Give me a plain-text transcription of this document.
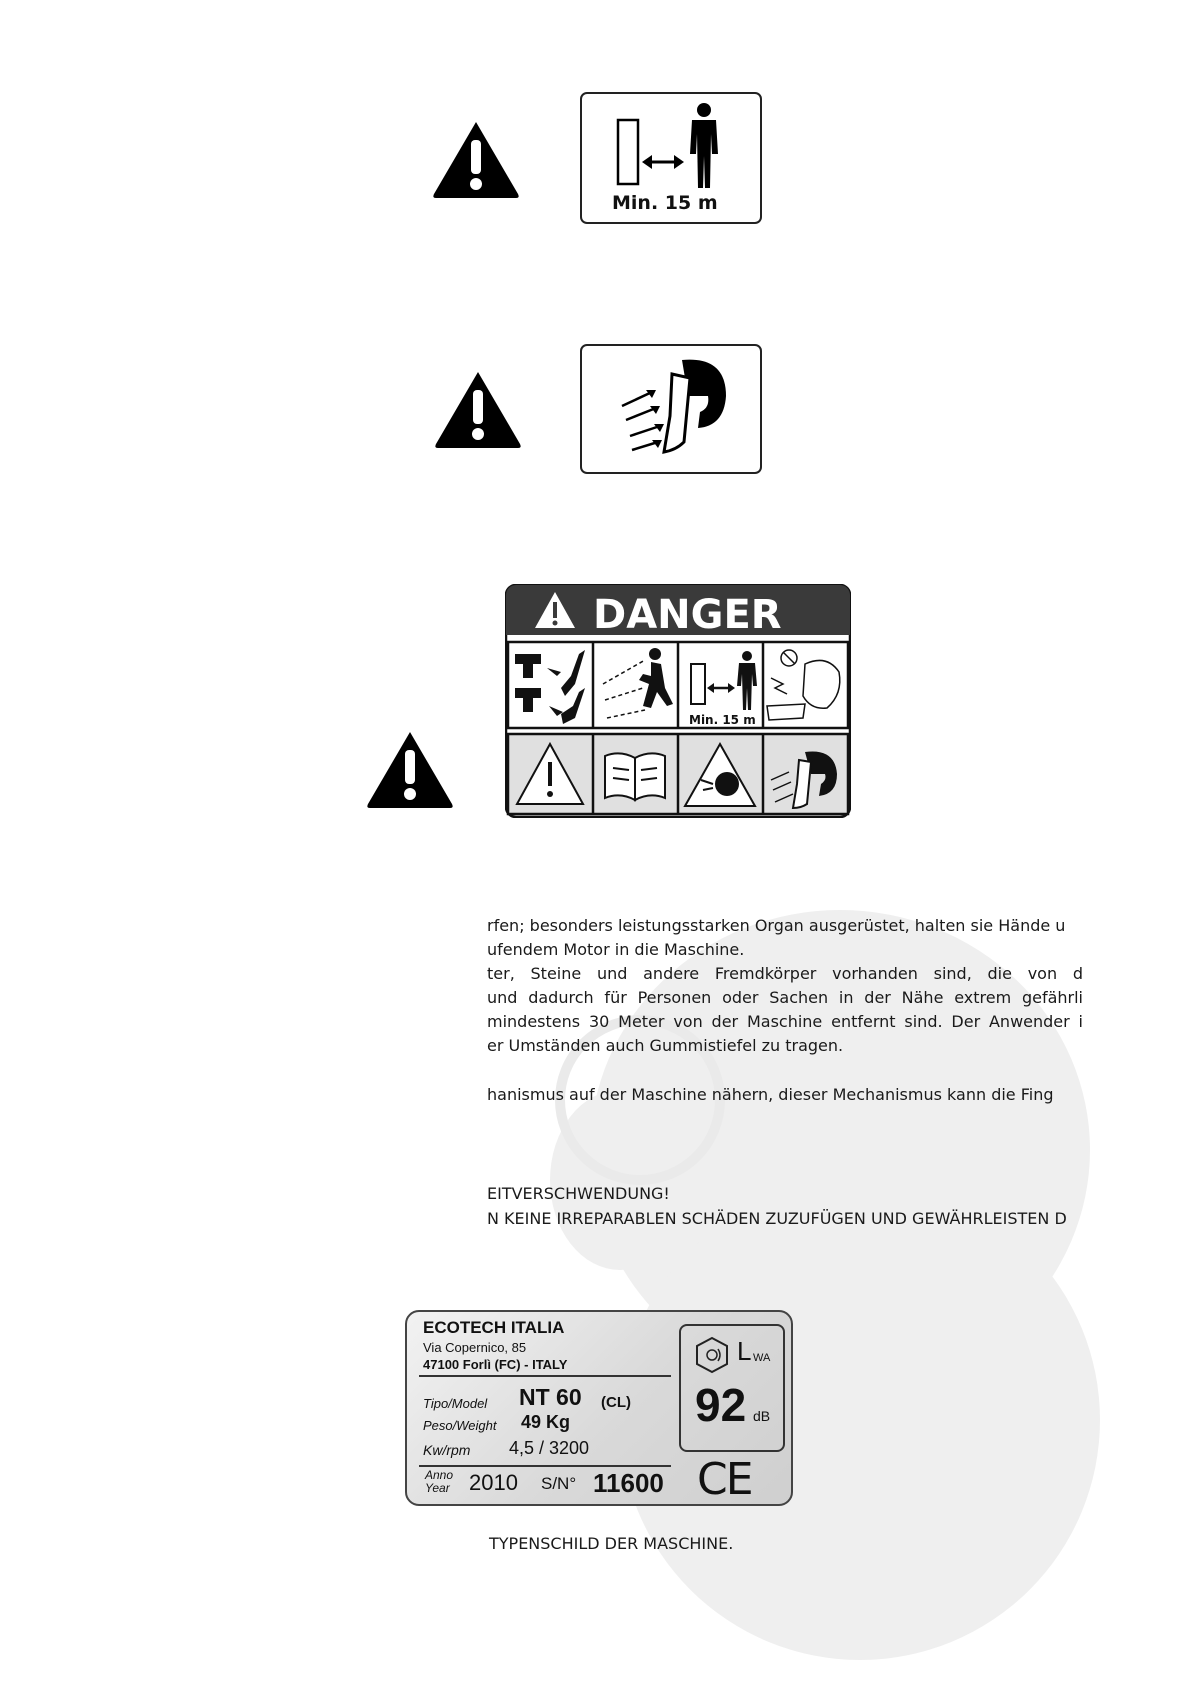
Min. 15 m
DANGER
Min. 15 m
rfen; besonders leistungsstarken Organ ausgerüstet, halten sie Hände u
ufendem Motor in die Maschine.
ter, Steine und andere Fremdkörper vorhanden sind, die von d
und dadurch für Personen oder Sachen in der Nähe extrem gefährli
mindestens 30 Meter von der Maschine entfernt sind. Der Anwender i
er Umständen auch Gummistiefel zu tragen.
hanismus auf der Maschine nähern, dieser Mechanismus kann die Fing
EITVERSCHWENDUNG!
N KEINE IRREPARABLEN SCHÄDEN ZUZUFÜGEN UND GEWÄHRLEISTEN D
ECOTECH ITALIA
Via Copernico, 85
47100 Forlì (FC) - ITALY
Tipo/Model NT 60 (CL)
Peso/Weight 49 Kg
Kw/rpm 4,5 / 3200
Anno
Year 2010 S/N° 11600
L WA
92 dB
CE
TYPENSCHILD DER MASCHINE.
